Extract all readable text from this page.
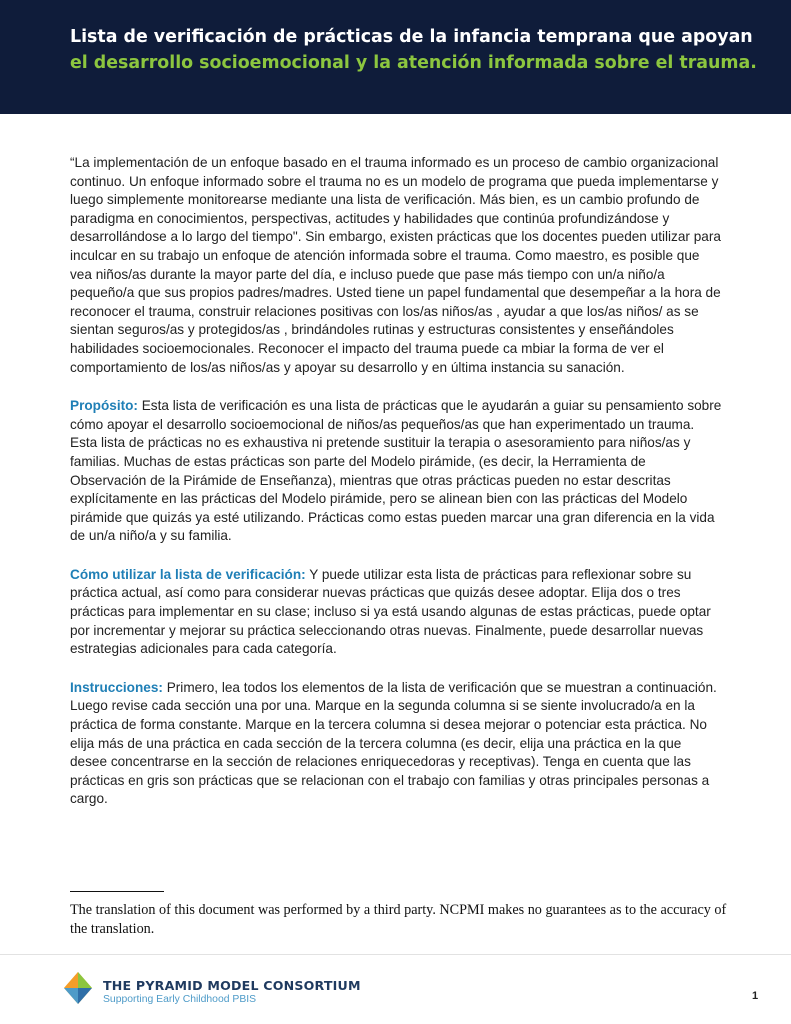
Lista de verificación de prácticas de la infancia temprana que apoyan
el desarrollo socioemocional y la atención informada sobre el trauma.

“La implementación de un enfoque basado en el trauma informado es un proceso de cambio organizacional continuo. Un enfoque informado sobre el trauma no es un modelo de programa que pueda implementarse y luego simplemente monitorearse mediante una lista de verificación. Más bien, es un cambio profundo de paradigma en conocimientos, perspectivas, actitudes y habilidades que continúa profundizándose y desarrollándose a lo largo del tiempo". Sin embargo, existen prácticas que los docentes pueden utilizar para inculcar en su trabajo un enfoque de atención informada sobre el trauma. Como maestro, es posible que vea niños/as durante la mayor parte del día, e incluso puede que pase más tiempo con un/a niño/a pequeño/a que sus propios padres/madres. Usted tiene un papel fundamental que desempeñar a la hora de reconocer el trauma, construir relaciones positivas con los/as niños/as , ayudar a que los/as niños/ as se sientan seguros/as y protegidos/as , brindándoles rutinas y estructuras consistentes y enseñándoles habilidades socioemocionales. Reconocer el impacto del trauma puede ca mbiar la forma de ver el comportamiento de los/as niños/as y apoyar su desarrollo y en última instancia su sanación.

Propósito: Esta lista de verificación es una lista de prácticas que le ayudarán a guiar su pensamiento sobre cómo apoyar el desarrollo socioemocional de niños/as pequeños/as que han experimentado un trauma. Esta lista de prácticas no es exhaustiva ni pretende sustituir la terapia o asesoramiento para niños/as y familias. Muchas de estas prácticas son parte del Modelo pirámide, (es decir, la Herramienta de Observación de la Pirámide de Enseñanza), mientras que otras prácticas pueden no estar descritas explícitamente en las prácticas del Modelo pirámide, pero se alinean bien con las prácticas del Modelo pirámide que quizás ya esté utilizando. Prácticas como estas pueden marcar una gran diferencia en la vida de un/a niño/a y su familia.

Cómo utilizar la lista de verificación: Y puede utilizar esta lista de prácticas para reflexionar sobre su práctica actual, así como para considerar nuevas prácticas que quizás desee adoptar. Elija dos o tres prácticas para implementar en su clase; incluso si ya está usando algunas de estas prácticas, puede optar por incrementar y mejorar su práctica seleccionando otras nuevas. Finalmente, puede desarrollar nuevas estrategias adicionales para cada categoría.

Instrucciones: Primero, lea todos los elementos de la lista de verificación que se muestran a continuación. Luego revise cada sección una por una. Marque en la segunda columna si se siente involucrado/a en la práctica de forma constante. Marque en la tercera columna si desea mejorar o potenciar esta práctica. No elija más de una práctica en cada sección de la tercera columna (es decir, elija una práctica en la que desee concentrarse en la sección de relaciones enriquecedoras y receptivas). Tenga en cuenta que las prácticas en gris son prácticas que se relacionan con el trabajo con familias y otras principales personas a cargo.

The translation of this document was performed by a third party. NCPMI makes no guarantees as to the accuracy of the translation.
THE PYRAMID MODEL CONSORTIUM
Supporting Early Childhood PBIS	1
